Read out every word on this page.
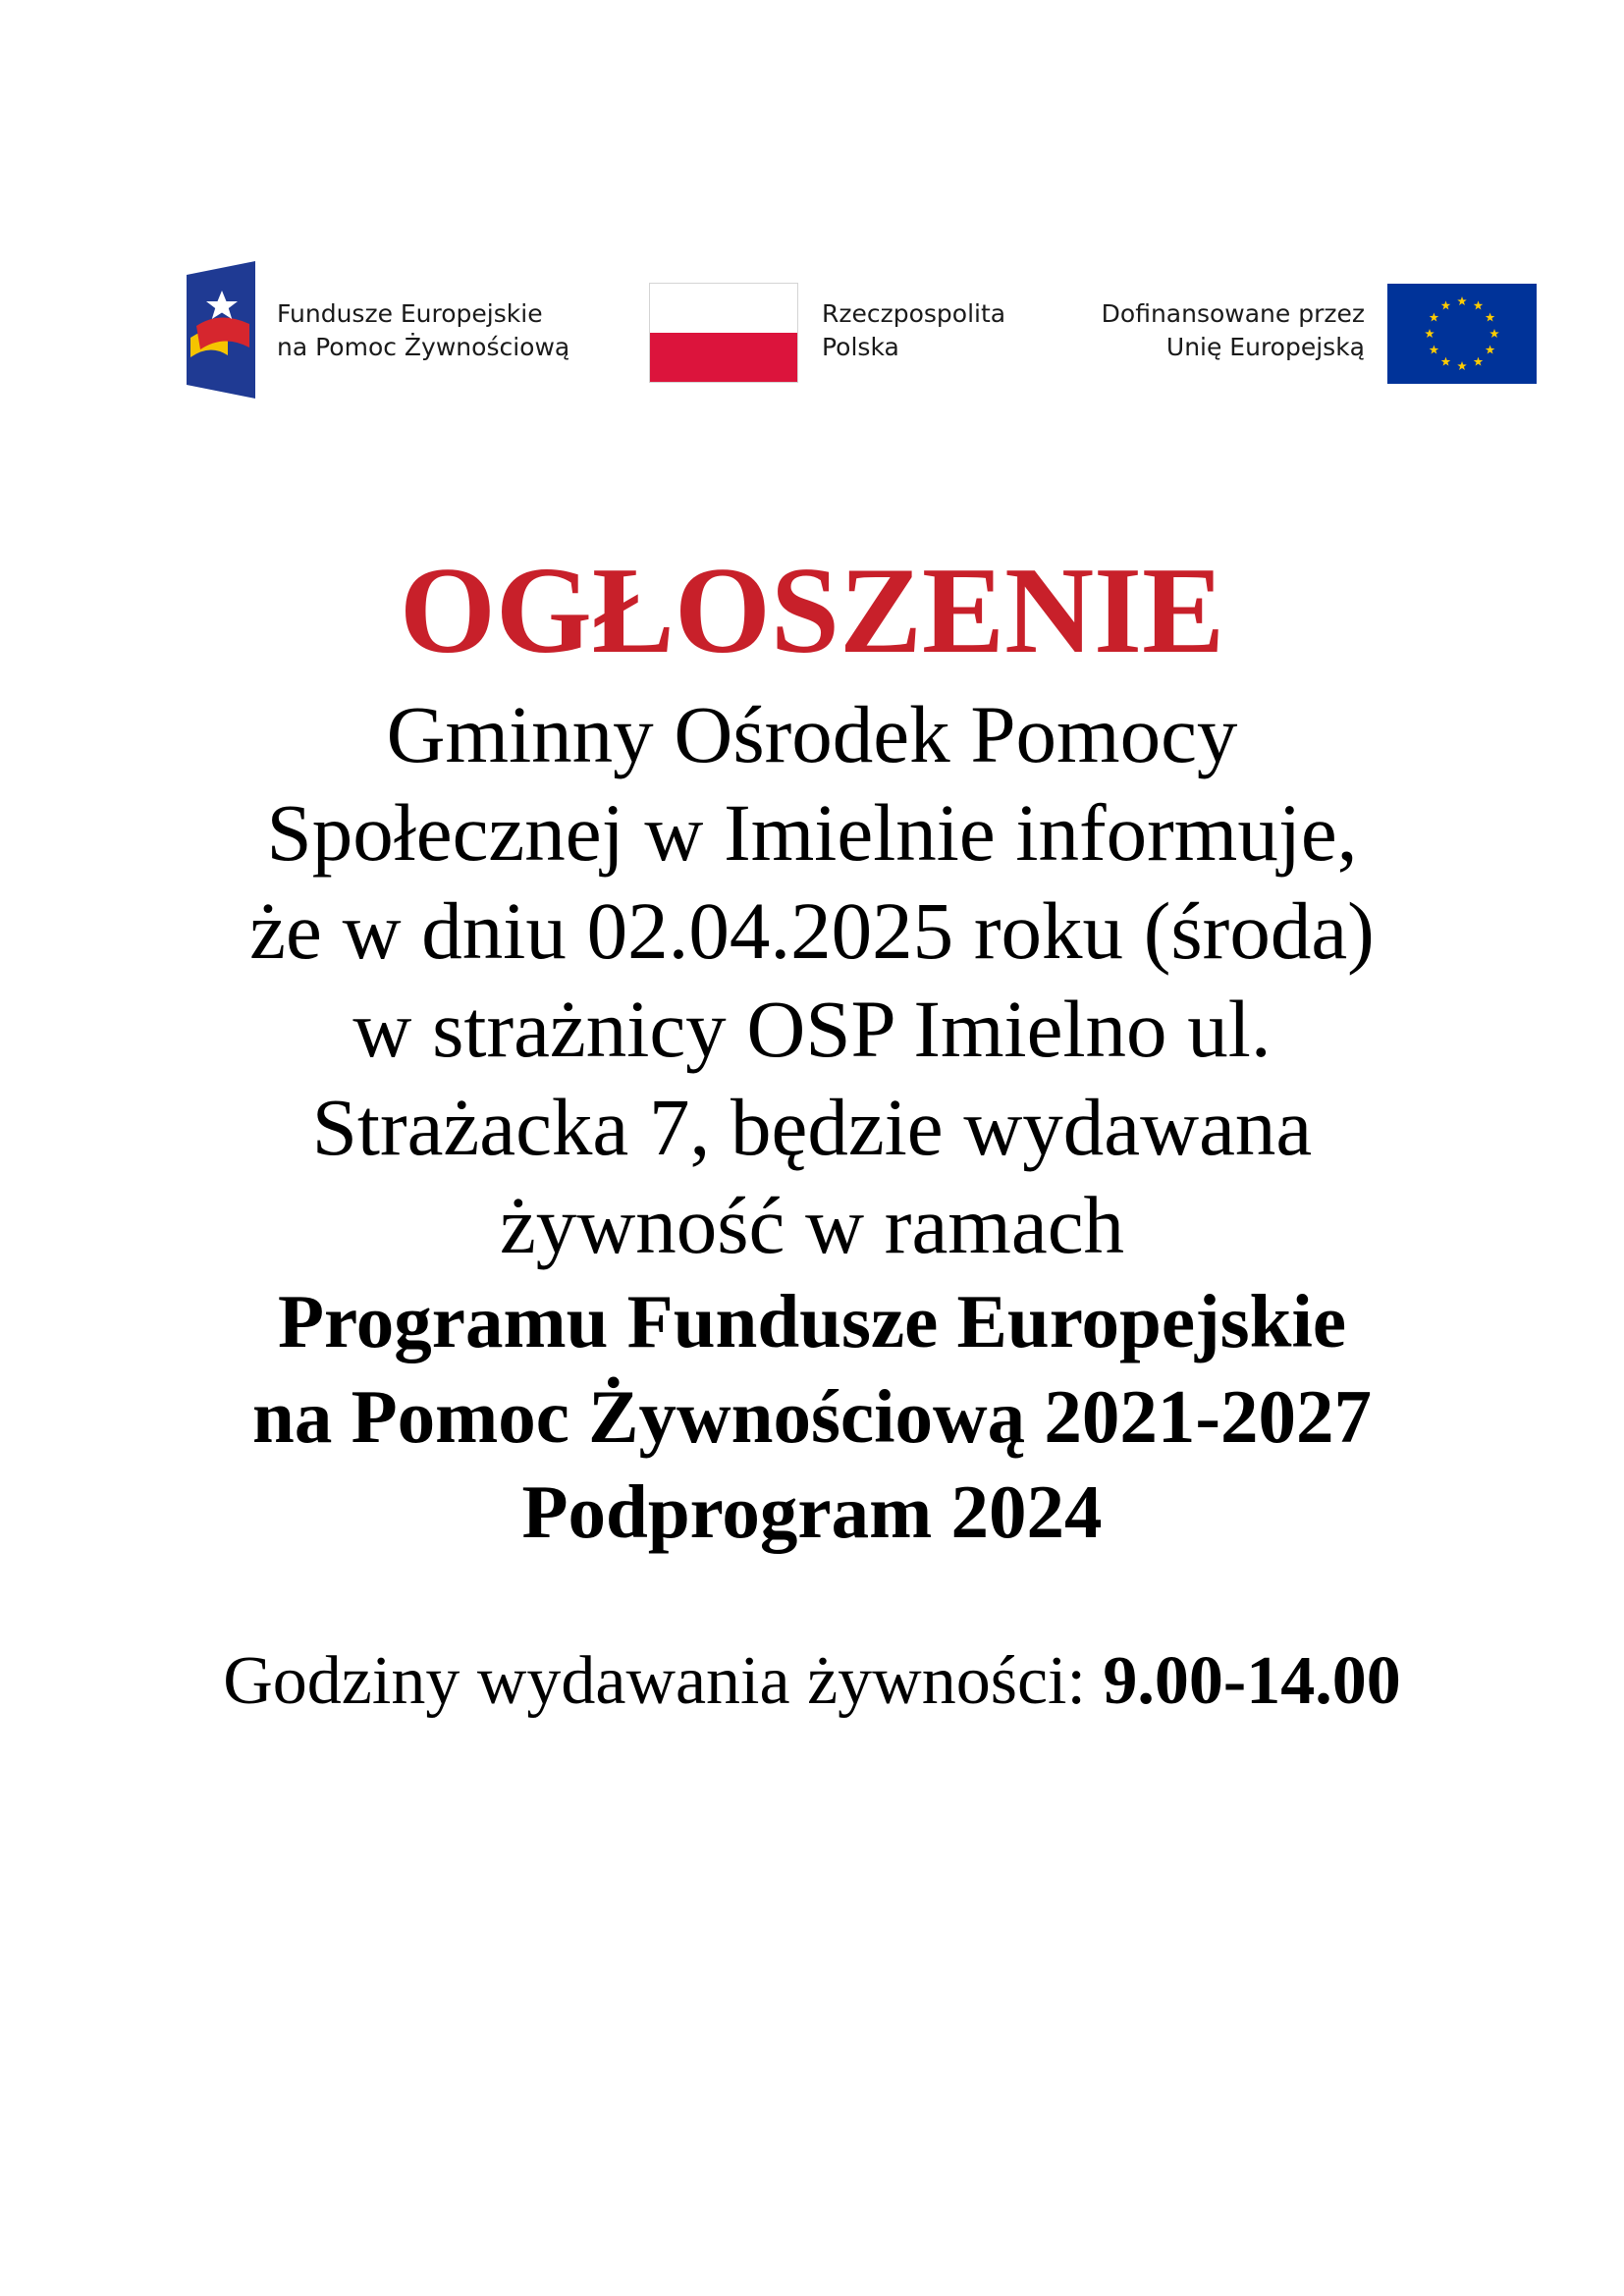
Fundusze Europejskie
na Pomoc Żywnościową
Rzeczpospolita
Polska
Dofinansowane przez
Unię Europejską
OGŁOSZENIE
Gminny Ośrodek Pomocy
Społecznej w Imielnie informuje,
że w dniu 02.04.2025 roku (środa)
w strażnicy OSP Imielno ul.
Strażacka 7, będzie wydawana
żywność w ramach
Programu Fundusze Europejskie
na Pomoc Żywnościową 2021-2027
Podprogram 2024
Godziny wydawania żywności: 9.00-14.00
